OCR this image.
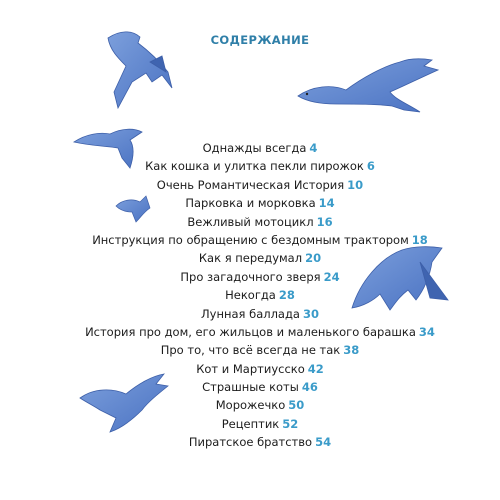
СОДЕРЖАНИЕ
Однажды всегда 4
Как кошка и улитка пекли пирожок 6
Очень Романтическая История 10
Парковка и морковка 14
Вежливый мотоцикл 16
Инструкция по обращению с бездомным трактором 18
Как я передумал 20
Про загадочного зверя 24
Некогда 28
Лунная баллада 30
История про дом, его жильцов и маленького барашка 34
Про то, что всё всегда не так 38
Кот и Мартиусско 42
Страшные коты 46
Морожечко 50
Рецептик 52
Пиратское братство 54
